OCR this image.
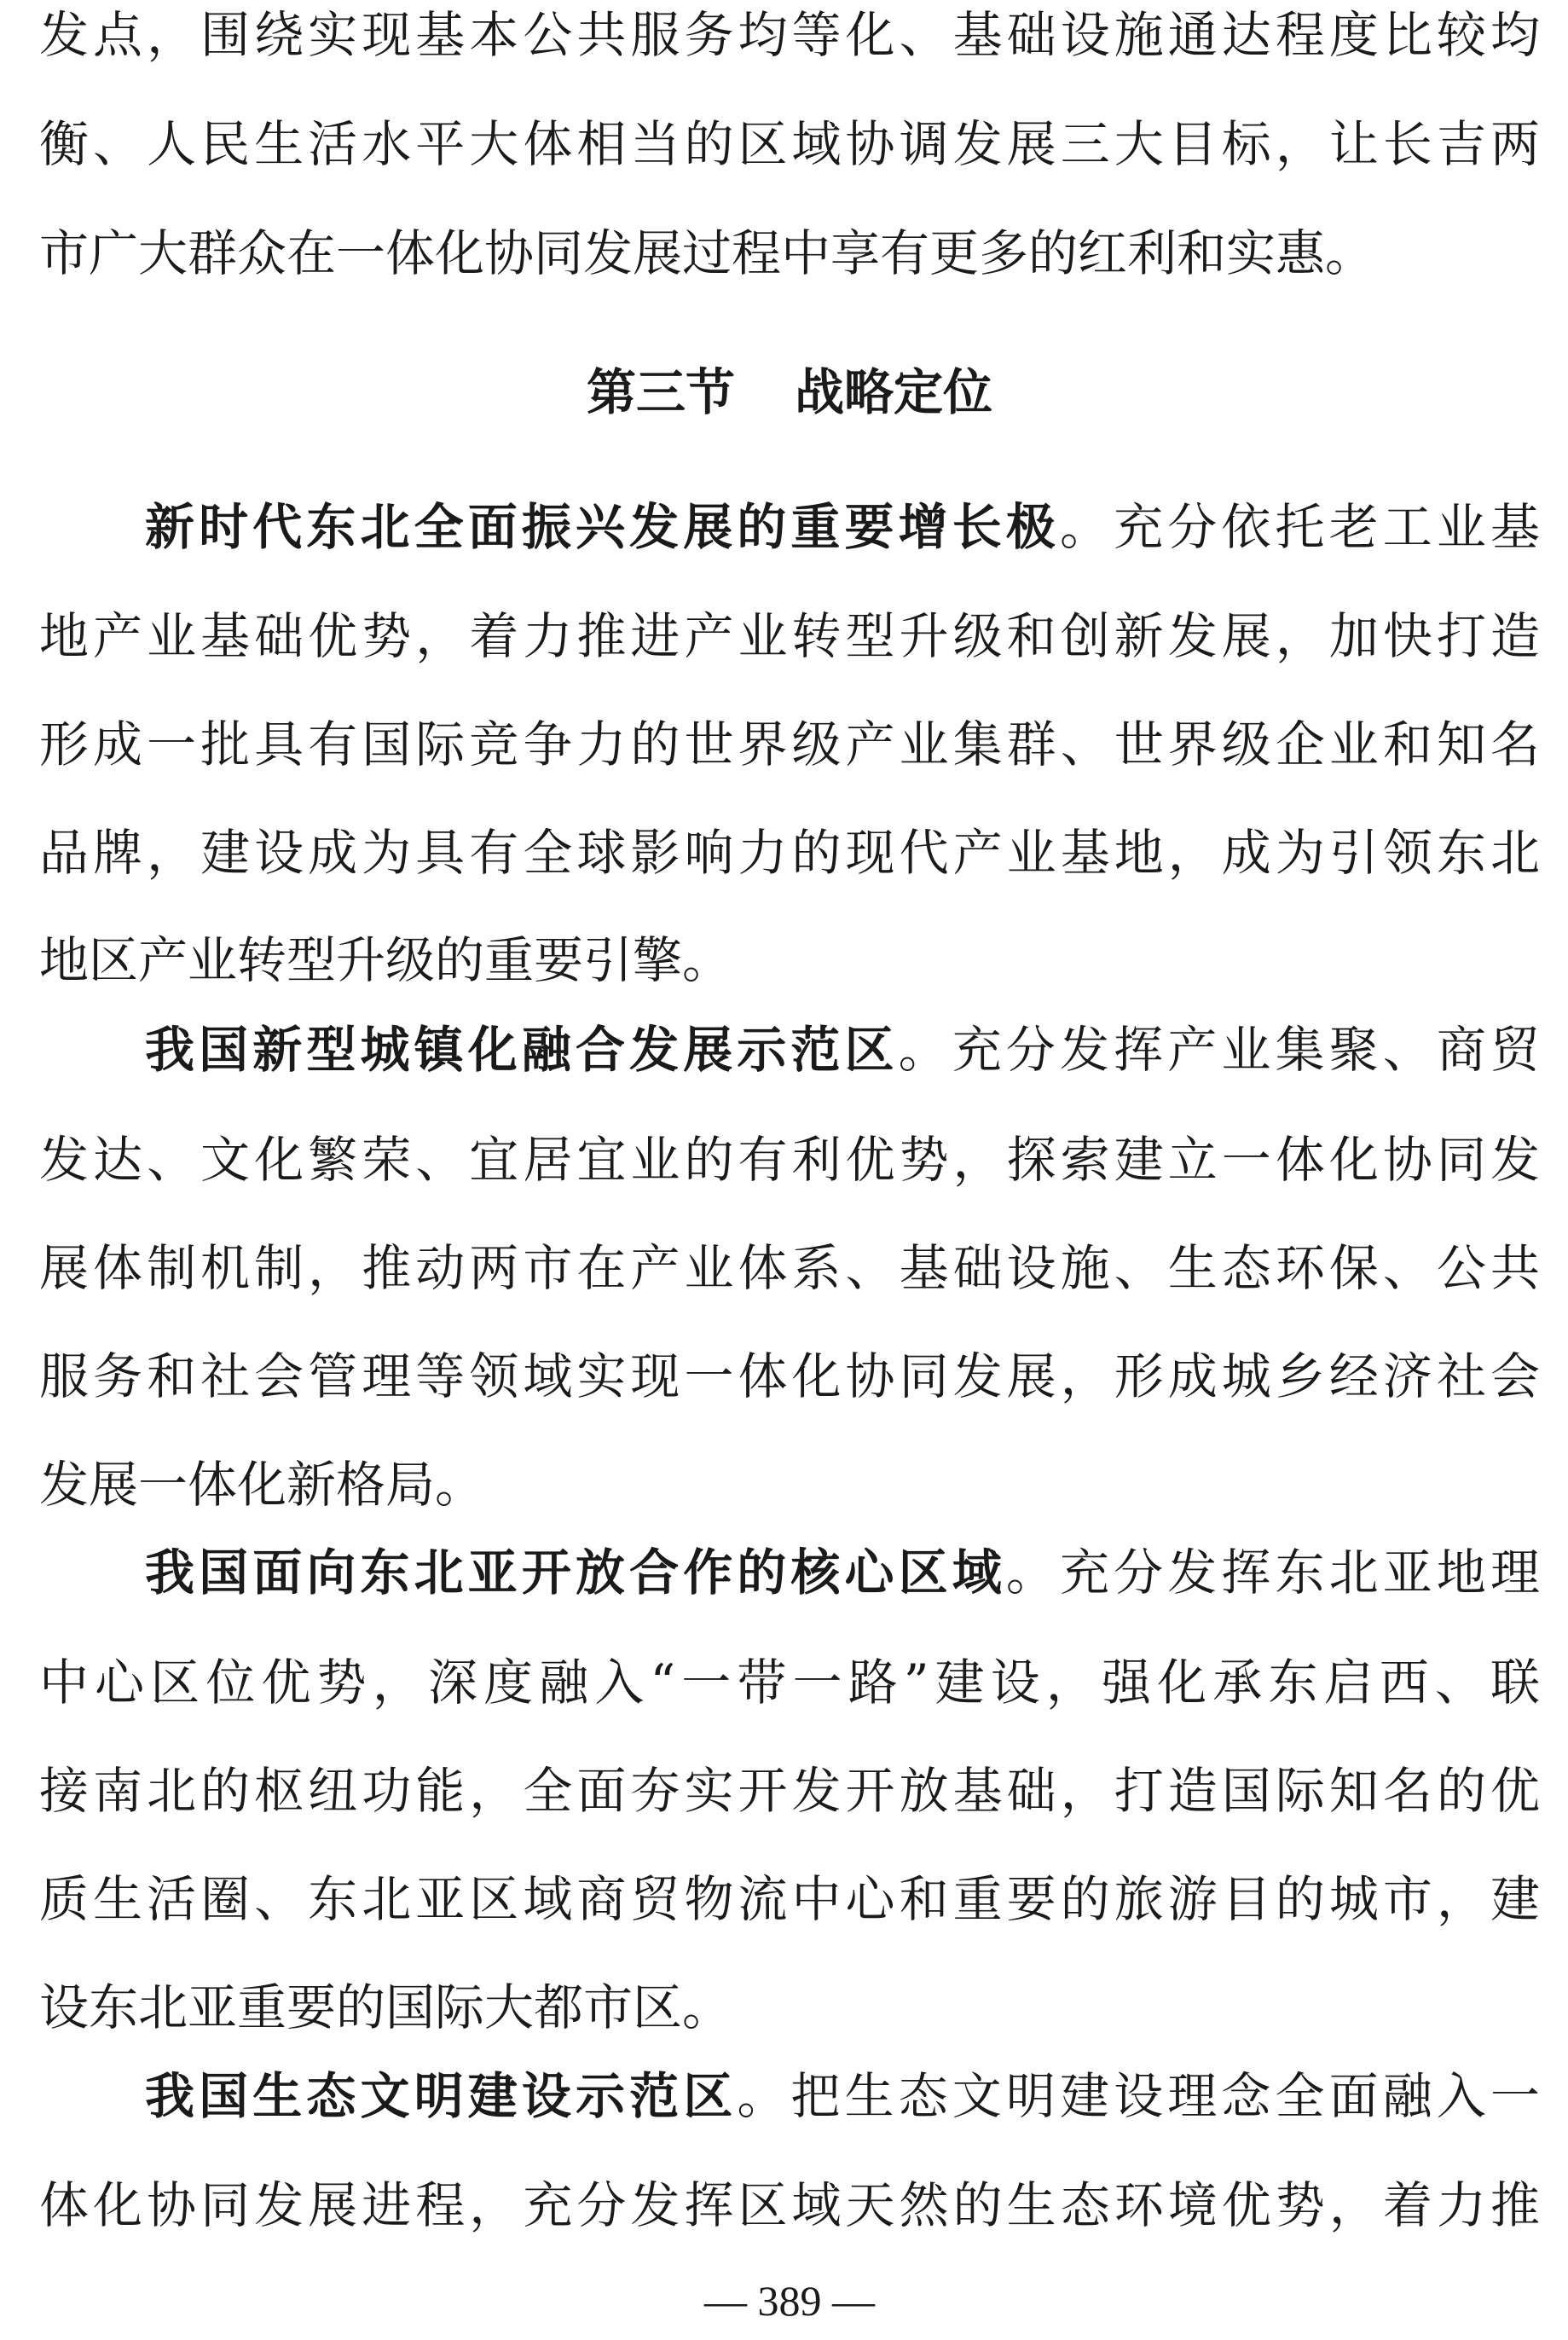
发点，围绕实现基本公共服务均等化、基础设施通达程度比较均
衡、人民生活水平大体相当的区域协调发展三大目标，让长吉两
市广大群众在一体化协同发展过程中享有更多的红利和实惠。
第三节 战略定位
新时代东北全面振兴发展的重要增长极。充分依托老工业基
地产业基础优势，着力推进产业转型升级和创新发展，加快打造
形成一批具有国际竞争力的世界级产业集群、世界级企业和知名
品牌，建设成为具有全球影响力的现代产业基地，成为引领东北
地区产业转型升级的重要引擎。
我国新型城镇化融合发展示范区。充分发挥产业集聚、商贸
发达、文化繁荣、宜居宜业的有利优势，探索建立一体化协同发
展体制机制，推动两市在产业体系、基础设施、生态环保、公共
服务和社会管理等领域实现一体化协同发展，形成城乡经济社会
发展一体化新格局。
我国面向东北亚开放合作的核心区域。充分发挥东北亚地理
中心区位优势，深度融入“一带一路”建设，强化承东启西、联
接南北的枢纽功能，全面夯实开发开放基础，打造国际知名的优
质生活圈、东北亚区域商贸物流中心和重要的旅游目的城市，建
设东北亚重要的国际大都市区。
我国生态文明建设示范区。把生态文明建设理念全面融入一
体化协同发展进程，充分发挥区域天然的生态环境优势，着力推
— 389 —
